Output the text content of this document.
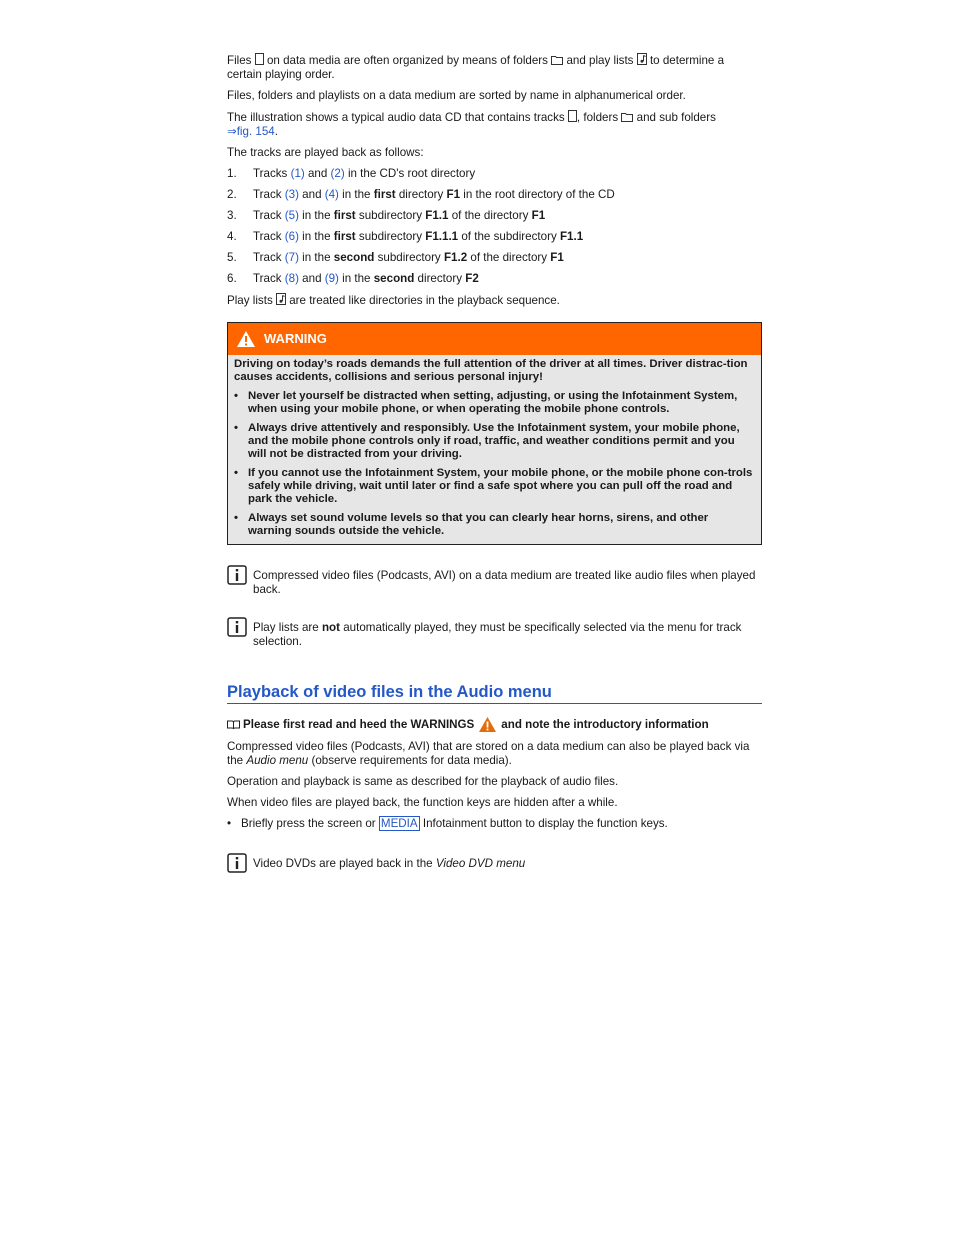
Files on data media are often organized by means of folders and play lists to determine a certain playing order.

Files, folders and playlists on a data medium are sorted by name in alphanumerical order.

The illustration shows a typical audio data CD that contains tracks , folders and sub folders
⇒fig. 154.

The tracks are played back as follows:

1.	Tracks (1) and (2) in the CD's root directory
2.	Track (3) and (4) in the first directory F1 in the root directory of the CD
3.	Track (5) in the first subdirectory F1.1 of the directory F1
4.	Track (6) in the first subdirectory F1.1.1 of the subdirectory F1.1
5.	Track (7) in the second subdirectory F1.2 of the directory F1
6.	Track (8) and (9) in the second directory F2

Play lists are treated like directories in the playback sequence.

WARNING

Driving on today’s roads demands the full attention of the driver at all times. Driver distrac-tion causes accidents, collisions and serious personal injury!

• Never let yourself be distracted when setting, adjusting, or using the Infotainment System, when using your mobile phone, or when operating the mobile phone controls.
• Always drive attentively and responsibly. Use the Infotainment system, your mobile phone, and the mobile phone controls only if road, traffic, and weather conditions permit and you will not be distracted from your driving.
• If you cannot use the Infotainment System, your mobile phone, or the mobile phone con-trols safely while driving, wait until later or find a safe spot where you can pull off the road and park the vehicle.
• Always set sound volume levels so that you can clearly hear horns, sirens, and other warning sounds outside the vehicle.

Compressed video files (Podcasts, AVI) on a data medium are treated like audio files when played back.

Play lists are not automatically played, they must be specifically selected via the menu for track selection.

Playback of video files in the Audio menu
Please first read and heed the WARNINGS and note the introductory information

Compressed video files (Podcasts, AVI) that are stored on a data medium can also be played back via the Audio menu (observe requirements for data media).

Operation and playback is same as described for the playback of audio files.

When video files are played back, the function keys are hidden after a while.

• Briefly press the screen or MEDIA Infotainment button to display the function keys.

Video DVDs are played back in the Video DVD menu
